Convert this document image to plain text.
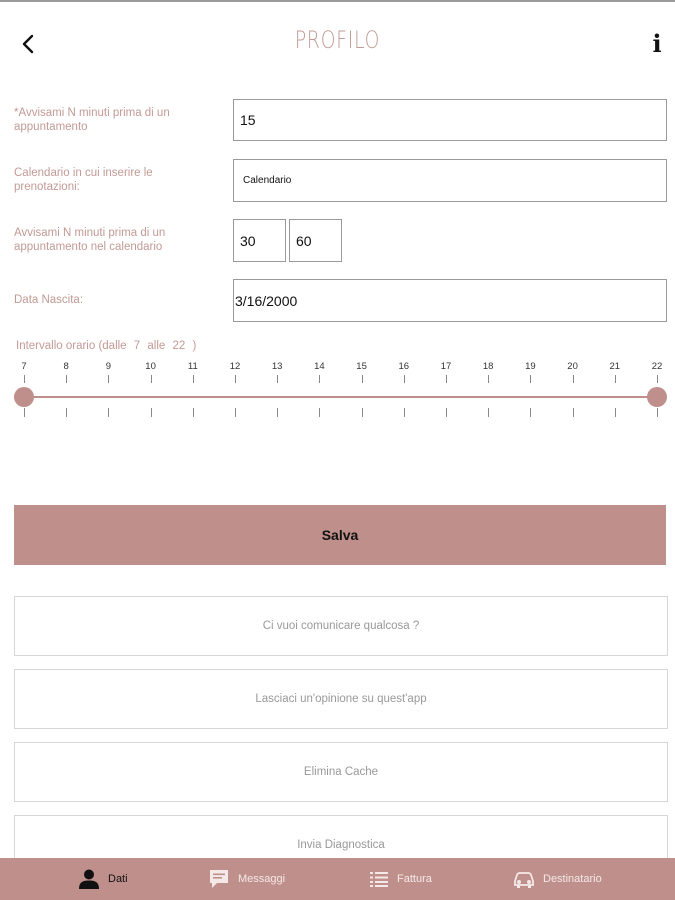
PROFILO	i
*Avvisami N minuti prima di un appuntamento
15
Calendario in cui inserire le prenotazioni:
Calendario
Avvisami N minuti prima di un appuntamento nel calendario
30
60
Data Nascita:
3/16/2000
Intervallo orario (dalle 7 alle 22 )
7	8	9	10	11	12	13	14	15	16	17	18	19	20	21	22
Salva
Ci vuoi comunicare qualcosa ?
Lasciaci un'opinione su quest'app
Elimina Cache
Invia Diagnostica
Dati	Messaggi	Fattura	Destinatario
